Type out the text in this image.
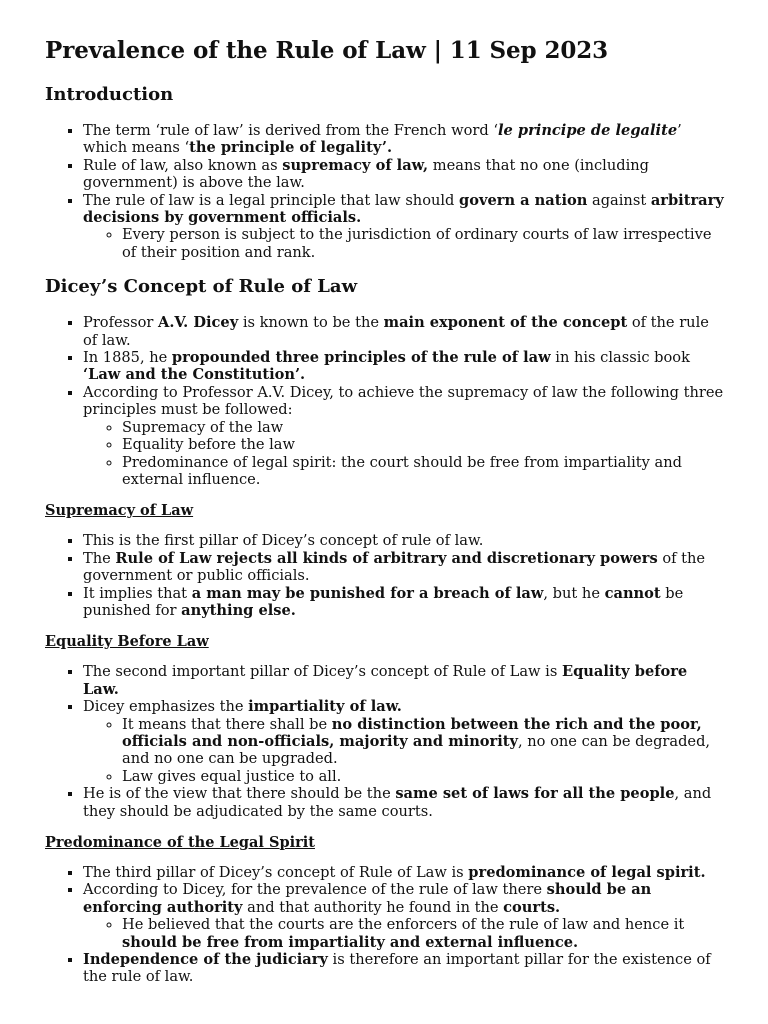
Prevalence of the Rule of Law | 11 Sep 2023
Introduction
▪ The term ‘rule of law’ is derived from the French word ‘le principe de legalite’ which means ‘the principle of legality’.
▪ Rule of law, also known as supremacy of law, means that no one (including government) is above the law.
▪ The rule of law is a legal principle that law should govern a nation against arbitrary decisions by government officials.
◦ Every person is subject to the jurisdiction of ordinary courts of law irrespective of their position and rank.
Dicey’s Concept of Rule of Law
▪ Professor A.V. Dicey is known to be the main exponent of the concept of the rule of law.
▪ In 1885, he propounded three principles of the rule of law in his classic book ‘Law and the Constitution’.
▪ According to Professor A.V. Dicey, to achieve the supremacy of law the following three principles must be followed:
◦ Supremacy of the law
◦ Equality before the law
◦ Predominance of legal spirit: the court should be free from impartiality and external influence.
Supremacy of Law
▪ This is the first pillar of Dicey’s concept of rule of law.
▪ The Rule of Law rejects all kinds of arbitrary and discretionary powers of the government or public officials.
▪ It implies that a man may be punished for a breach of law, but he cannot be punished for anything else.
Equality Before Law
▪ The second important pillar of Dicey’s concept of Rule of Law is Equality before Law.
▪ Dicey emphasizes the impartiality of law.
◦ It means that there shall be no distinction between the rich and the poor, officials and non-officials, majority and minority, no one can be degraded, and no one can be upgraded.
◦ Law gives equal justice to all.
▪ He is of the view that there should be the same set of laws for all the people, and they should be adjudicated by the same courts.
Predominance of the Legal Spirit
▪ The third pillar of Dicey’s concept of Rule of Law is predominance of legal spirit.
▪ According to Dicey, for the prevalence of the rule of law there should be an enforcing authority and that authority he found in the courts.
◦ He believed that the courts are the enforcers of the rule of law and hence it should be free from impartiality and external influence.
▪ Independence of the judiciary is therefore an important pillar for the existence of the rule of law.
